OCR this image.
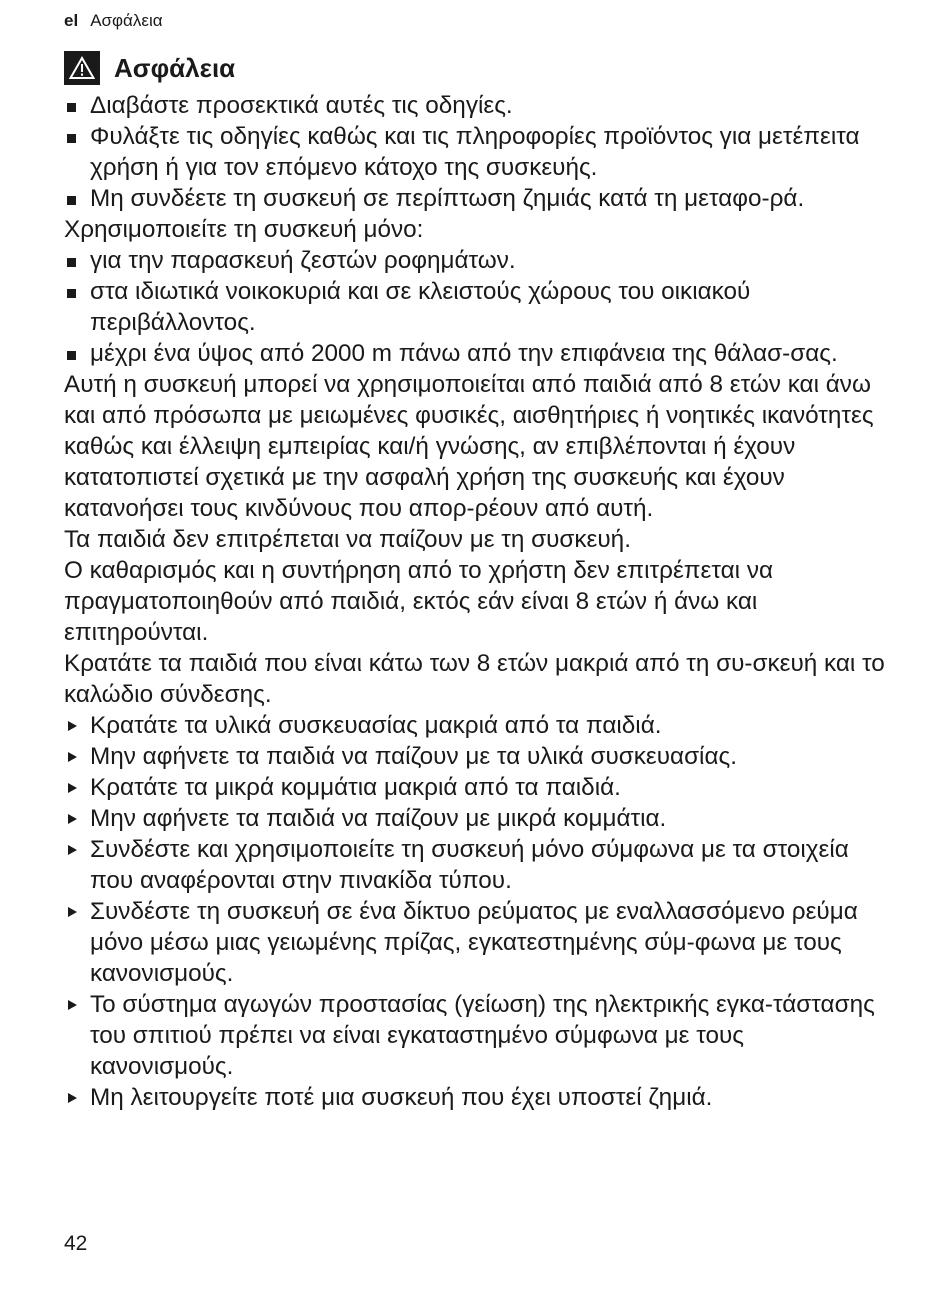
el Ασφάλεια
Ασφάλεια
Διαβάστε προσεκτικά αυτές τις οδηγίες.
Φυλάξτε τις οδηγίες καθώς και τις πληροφορίες προϊόντος για μετέπειτα χρήση ή για τον επόμενο κάτοχο της συσκευής.
Μη συνδέετε τη συσκευή σε περίπτωση ζημιάς κατά τη μεταφο-ρά.
Χρησιμοποιείτε τη συσκευή μόνο:
για την παρασκευή ζεστών ροφημάτων.
στα ιδιωτικά νοικοκυριά και σε κλειστούς χώρους του οικιακού περιβάλλοντος.
μέχρι ένα ύψος από 2000 m πάνω από την επιφάνεια της θάλασ-σας.
Αυτή η συσκευή μπορεί να χρησιμοποιείται από παιδιά από 8 ετών και άνω και από πρόσωπα με μειωμένες φυσικές, αισθητήριες ή νοητικές ικανότητες καθώς και έλλειψη εμπειρίας και/ή γνώσης, αν επιβλέπονται ή έχουν κατατοπιστεί σχετικά με την ασφαλή χρήση της συσκευής και έχουν κατανοήσει τους κινδύνους που απορ-ρέουν από αυτή.
Τα παιδιά δεν επιτρέπεται να παίζουν με τη συσκευή.
Ο καθαρισμός και η συντήρηση από το χρήστη δεν επιτρέπεται να πραγματοποιηθούν από παιδιά, εκτός εάν είναι 8 ετών ή άνω και επιτηρούνται.
Κρατάτε τα παιδιά που είναι κάτω των 8 ετών μακριά από τη συ-σκευή και το καλώδιο σύνδεσης.
Κρατάτε τα υλικά συσκευασίας μακριά από τα παιδιά.
Μην αφήνετε τα παιδιά να παίζουν με τα υλικά συσκευασίας.
Κρατάτε τα μικρά κομμάτια μακριά από τα παιδιά.
Μην αφήνετε τα παιδιά να παίζουν με μικρά κομμάτια.
Συνδέστε και χρησιμοποιείτε τη συσκευή μόνο σύμφωνα με τα στοιχεία που αναφέρονται στην πινακίδα τύπου.
Συνδέστε τη συσκευή σε ένα δίκτυο ρεύματος με εναλλασσόμενο ρεύμα μόνο μέσω μιας γειωμένης πρίζας, εγκατεστημένης σύμ-φωνα με τους κανονισμούς.
Το σύστημα αγωγών προστασίας (γείωση) της ηλεκτρικής εγκα-τάστασης του σπιτιού πρέπει να είναι εγκαταστημένο σύμφωνα με τους κανονισμούς.
Μη λειτουργείτε ποτέ μια συσκευή που έχει υποστεί ζημιά.
42
